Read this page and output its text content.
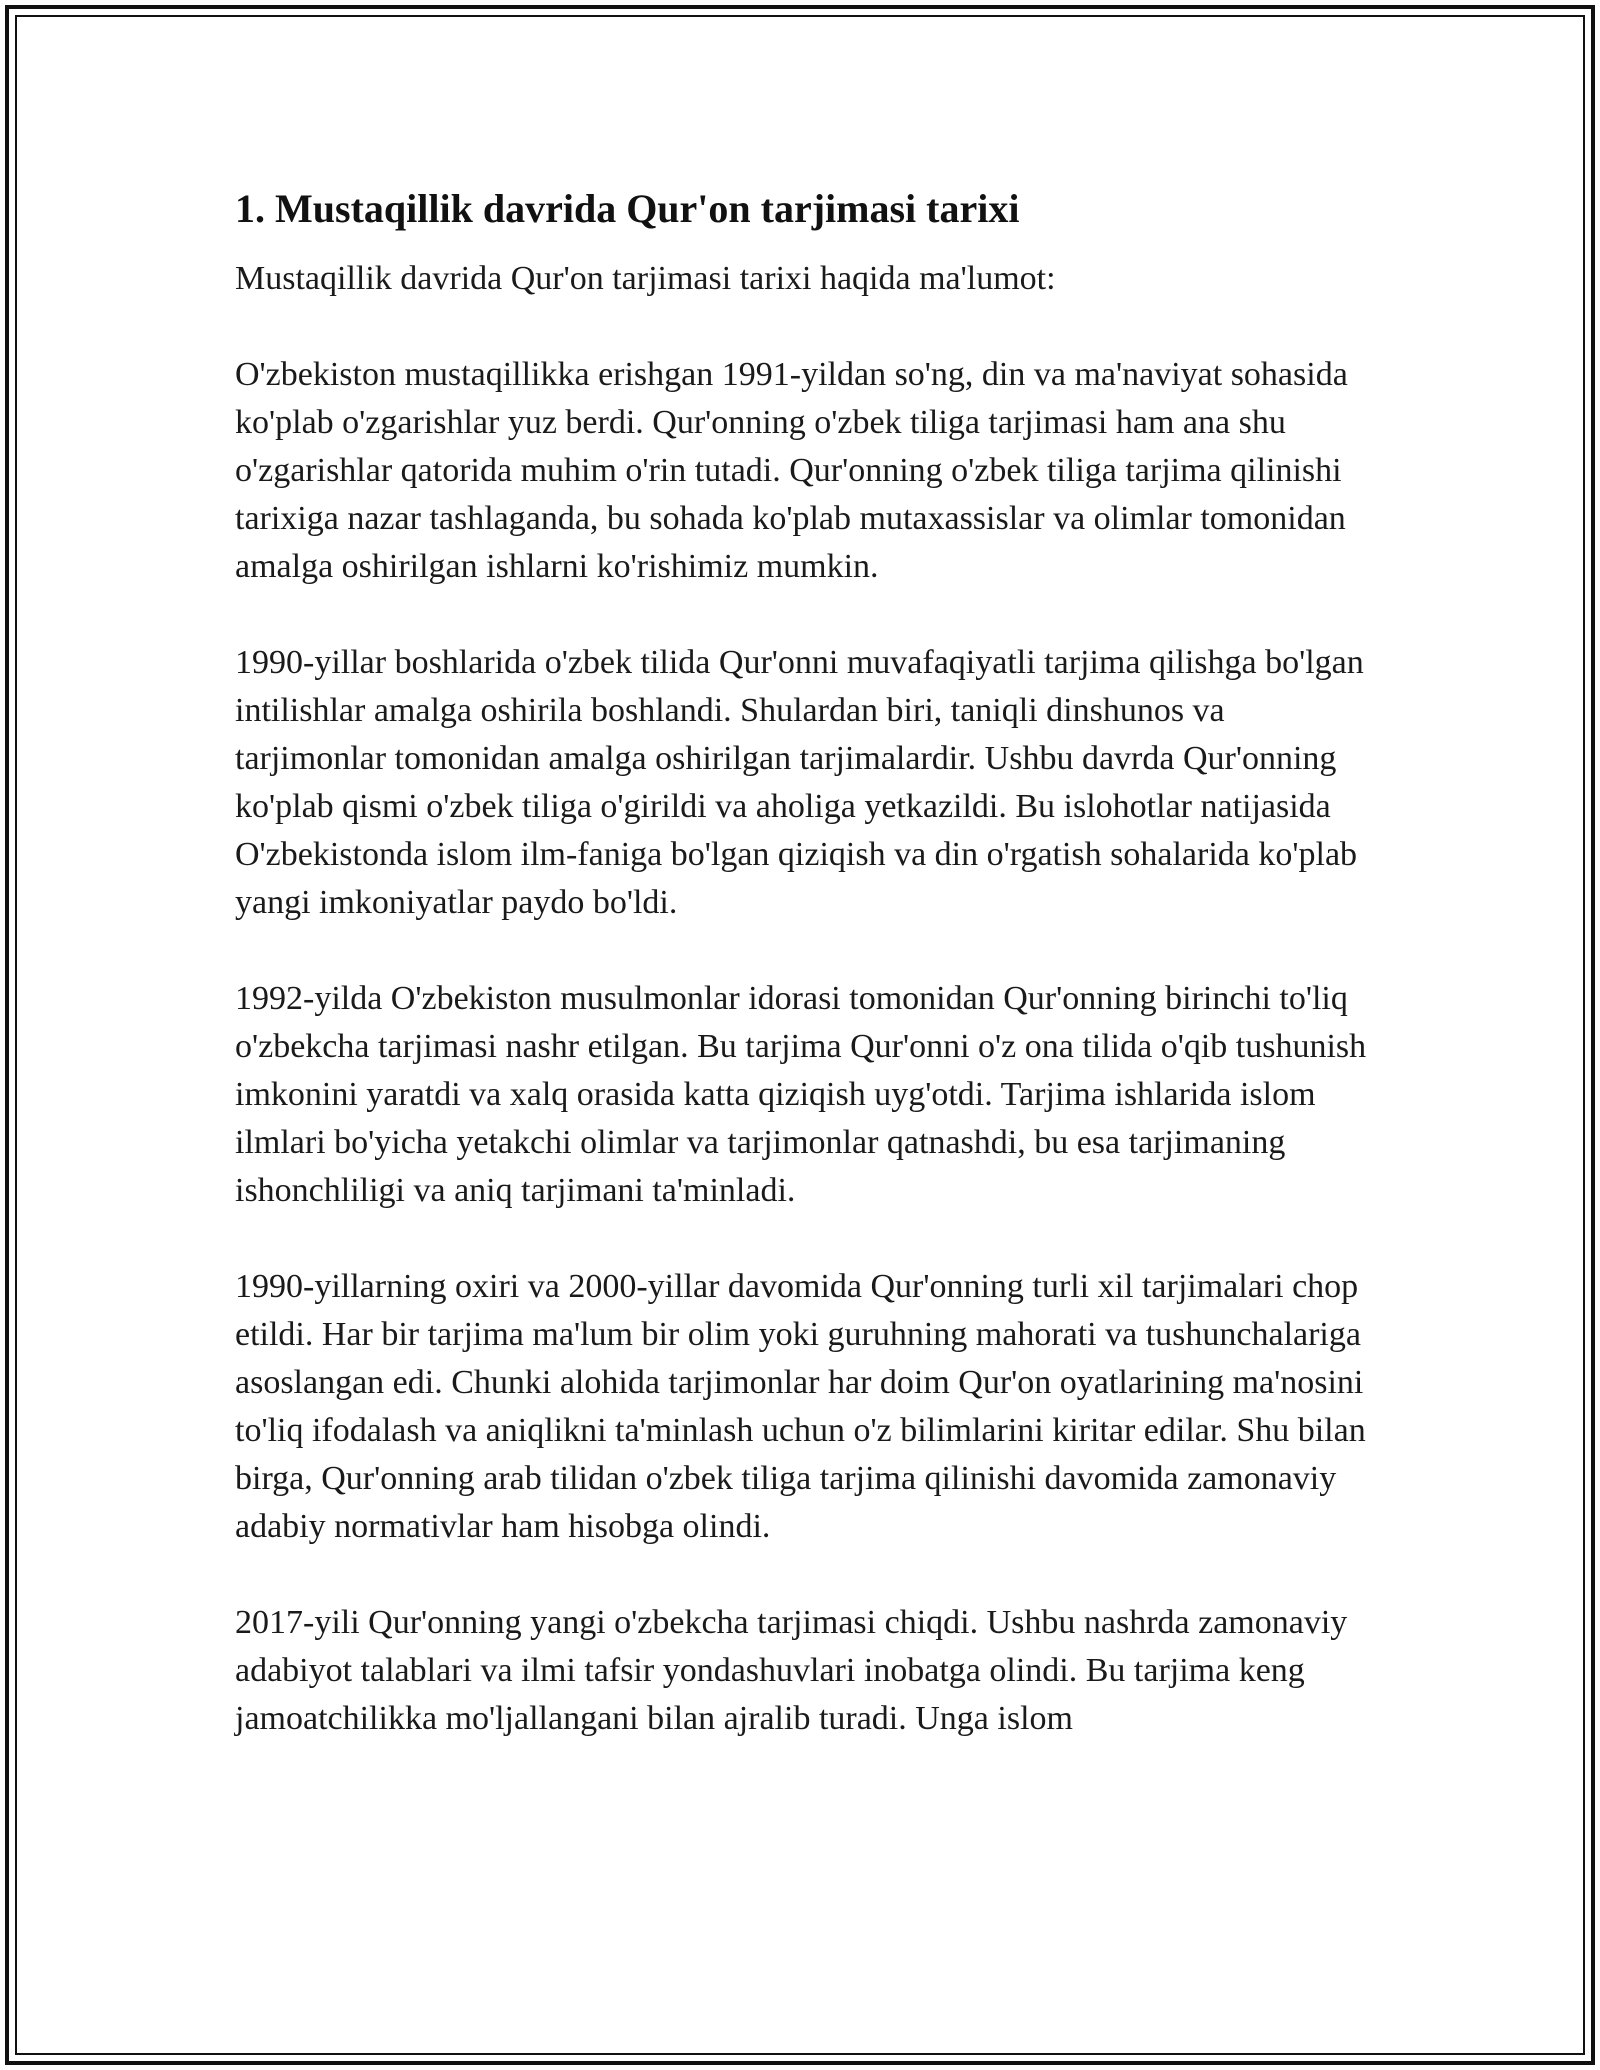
1. Mustaqillik davrida Qur'on tarjimasi tarixi

Mustaqillik davrida Qur'on tarjimasi tarixi haqida ma'lumot:

O'zbekiston mustaqillikka erishgan 1991-yildan so'ng, din va ma'naviyat sohasida ko'plab o'zgarishlar yuz berdi. Qur'onning o'zbek tiliga tarjimasi ham ana shu o'zgarishlar qatorida muhim o'rin tutadi. Qur'onning o'zbek tiliga tarjima qilinishi tarixiga nazar tashlaganda, bu sohada ko'plab mutaxassislar va olimlar tomonidan amalga oshirilgan ishlarni ko'rishimiz mumkin.

1990-yillar boshlarida o'zbek tilida Qur'onni muvafaqiyatli tarjima qilishga bo'lgan intilishlar amalga oshirila boshlandi. Shulardan biri, taniqli dinshunos va tarjimonlar tomonidan amalga oshirilgan tarjimalardir. Ushbu davrda Qur'onning ko'plab qismi o'zbek tiliga o'girildi va aholiga yetkazildi. Bu islohotlar natijasida O'zbekistonda islom ilm-faniga bo'lgan qiziqish va din o'rgatish sohalarida ko'plab yangi imkoniyatlar paydo bo'ldi.

1992-yilda O'zbekiston musulmonlar idorasi tomonidan Qur'onning birinchi to'liq o'zbekcha tarjimasi nashr etilgan. Bu tarjima Qur'onni o'z ona tilida o'qib tushunish imkonini yaratdi va xalq orasida katta qiziqish uyg'otdi. Tarjima ishlarida islom ilmlari bo'yicha yetakchi olimlar va tarjimonlar qatnashdi, bu esa tarjimaning ishonchliligi va aniq tarjimani ta'minladi.

1990-yillarning oxiri va 2000-yillar davomida Qur'onning turli xil tarjimalari chop etildi. Har bir tarjima ma'lum bir olim yoki guruhning mahorati va tushunchalariga asoslangan edi. Chunki alohida tarjimonlar har doim Qur'on oyatlarining ma'nosini to'liq ifodalash va aniqlikni ta'minlash uchun o'z bilimlarini kiritar edilar. Shu bilan birga, Qur'onning arab tilidan o'zbek tiliga tarjima qilinishi davomida zamonaviy adabiy normativlar ham hisobga olindi.

2017-yili Qur'onning yangi o'zbekcha tarjimasi chiqdi. Ushbu nashrda zamonaviy adabiyot talablari va ilmi tafsir yondashuvlari inobatga olindi. Bu tarjima keng jamoatchilikka mo'ljallangani bilan ajralib turadi. Unga islom
